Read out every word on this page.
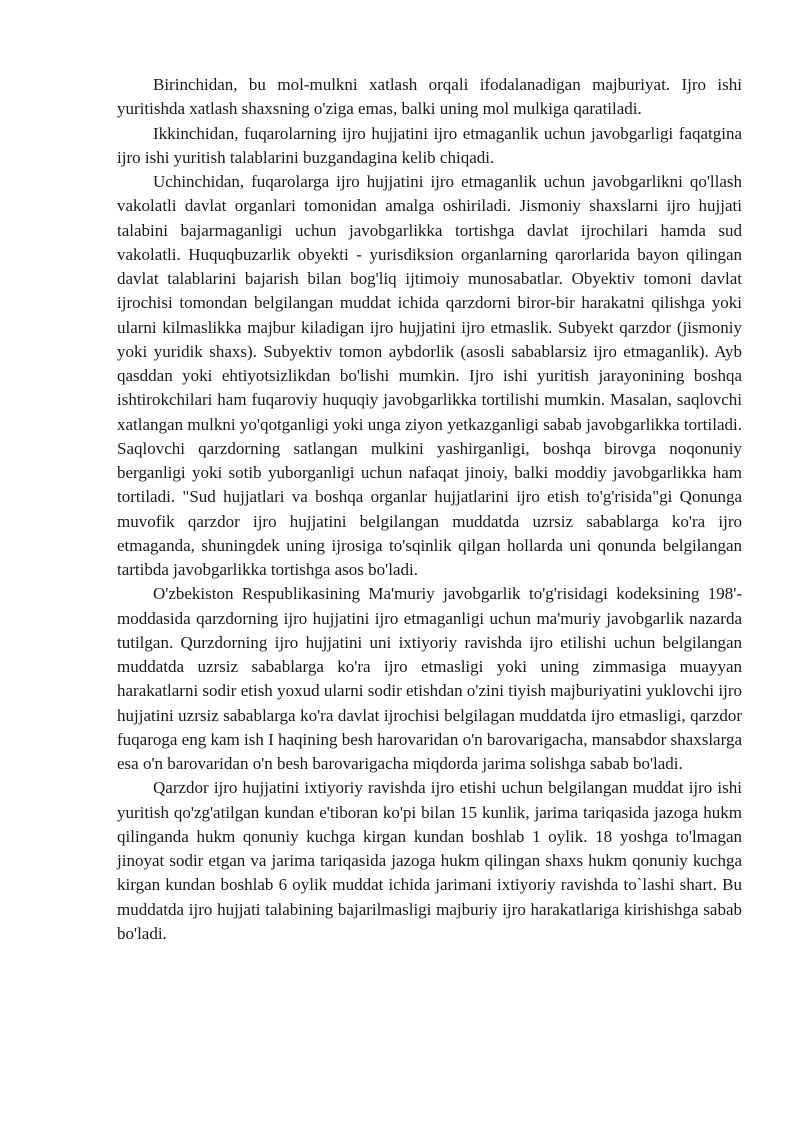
Birinchidan, bu mol-mulkni xatlash orqali ifodalanadigan majburiyat. Ijro ishi yuritishda xatlash shaxsning o'ziga emas, balki uning mol mulkiga qaratiladi.

Ikkinchidan, fuqarolarning ijro hujjatini ijro etmaganlik uchun javobgarligi faqatgina ijro ishi yuritish talablarini buzgandagina kelib chiqadi.

Uchinchidan, fuqarolarga ijro hujjatini ijro etmaganlik uchun javobgarlikni qo'llash vakolatli davlat organlari tomonidan amalga oshiriladi. Jismoniy shaxslarni ijro hujjati talabini bajarmaganligi uchun javobgarlikka tortishga davlat ijrochilari hamda sud vakolatli. Huquqbuzarlik obyekti - yurisdiksion organlarning qarorlarida bayon qilingan davlat talablarini bajarish bilan bog'liq ijtimoiy munosabatlar. Obyektiv tomoni davlat ijrochisi tomondan belgilangan muddat ichida qarzdorni biror-bir harakatni qilishga yoki ularni kilmaslikka majbur kiladigan ijro hujjatini ijro etmaslik. Subyekt qarzdor (jismoniy yoki yuridik shaxs). Subyektiv tomon aybdorlik (asosli sabablarsiz ijro etmaganlik). Ayb qasddan yoki ehtiyotsizlikdan bo'lishi mumkin. Ijro ishi yuritish jarayonining boshqa ishtirokchilari ham fuqaroviy huquqiy javobgarlikka tortilishi mumkin. Masalan, saqlovchi xatlangan mulkni yo'qotganligi yoki unga ziyon yetkazganligi sabab javobgarlikka tortiladi. Saqlovchi qarzdorning satlangan mulkini yashirganligi, boshqa birovga noqonuniy berganligi yoki sotib yuborganligi uchun nafaqat jinoiy, balki moddiy javobgarlikka ham tortiladi. "Sud hujjatlari va boshqa organlar hujjatlarini ijro etish to'g'risida"gi Qonunga muvofik qarzdor ijro hujjatini belgilangan muddatda uzrsiz sabablarga ko'ra ijro etmaganda, shuningdek uning ijrosiga to'sqinlik qilgan hollarda uni qonunda belgilangan tartibda javobgarlikka tortishga asos bo'ladi.

O'zbekiston Respublikasining Ma'muriy javobgarlik to'g'risidagi kodeksining 198'-moddasida qarzdorning ijro hujjatini ijro etmaganligi uchun ma'muriy javobgarlik nazarda tutilgan. Qurzdorning ijro hujjatini uni ixtiyoriy ravishda ijro etilishi uchun belgilangan muddatda uzrsiz sabablarga ko'ra ijro etmasligi yoki uning zimmasiga muayyan harakatlarni sodir etish yoxud ularni sodir etishdan o'zini tiyish majburiyatini yuklovchi ijro hujjatini uzrsiz sabablarga ko'ra davlat ijrochisi belgilagan muddatda ijro etmasligi, qarzdor fuqaroga eng kam ish I haqining besh harovaridan o'n barovarigacha, mansabdor shaxslarga esa o'n barovaridan o'n besh barovarigacha miqdorda jarima solishga sabab bo'ladi.

Qarzdor ijro hujjatini ixtiyoriy ravishda ijro etishi uchun belgilangan muddat ijro ishi yuritish qo'zg'atilgan kundan e'tiboran ko'pi bilan 15 kunlik, jarima tariqasida jazoga hukm qilinganda hukm qonuniy kuchga kirgan kundan boshlab 1 oylik. 18 yoshga to'lmagan jinoyat sodir etgan va jarima tariqasida jazoga hukm qilingan shaxs hukm qonuniy kuchga kirgan kundan boshlab 6 oylik muddat ichida jarimani ixtiyoriy ravishda to`lashi shart. Bu muddatda ijro hujjati talabining bajarilmasligi majburiy ijro harakatlariga kirishishga sabab bo'ladi.
